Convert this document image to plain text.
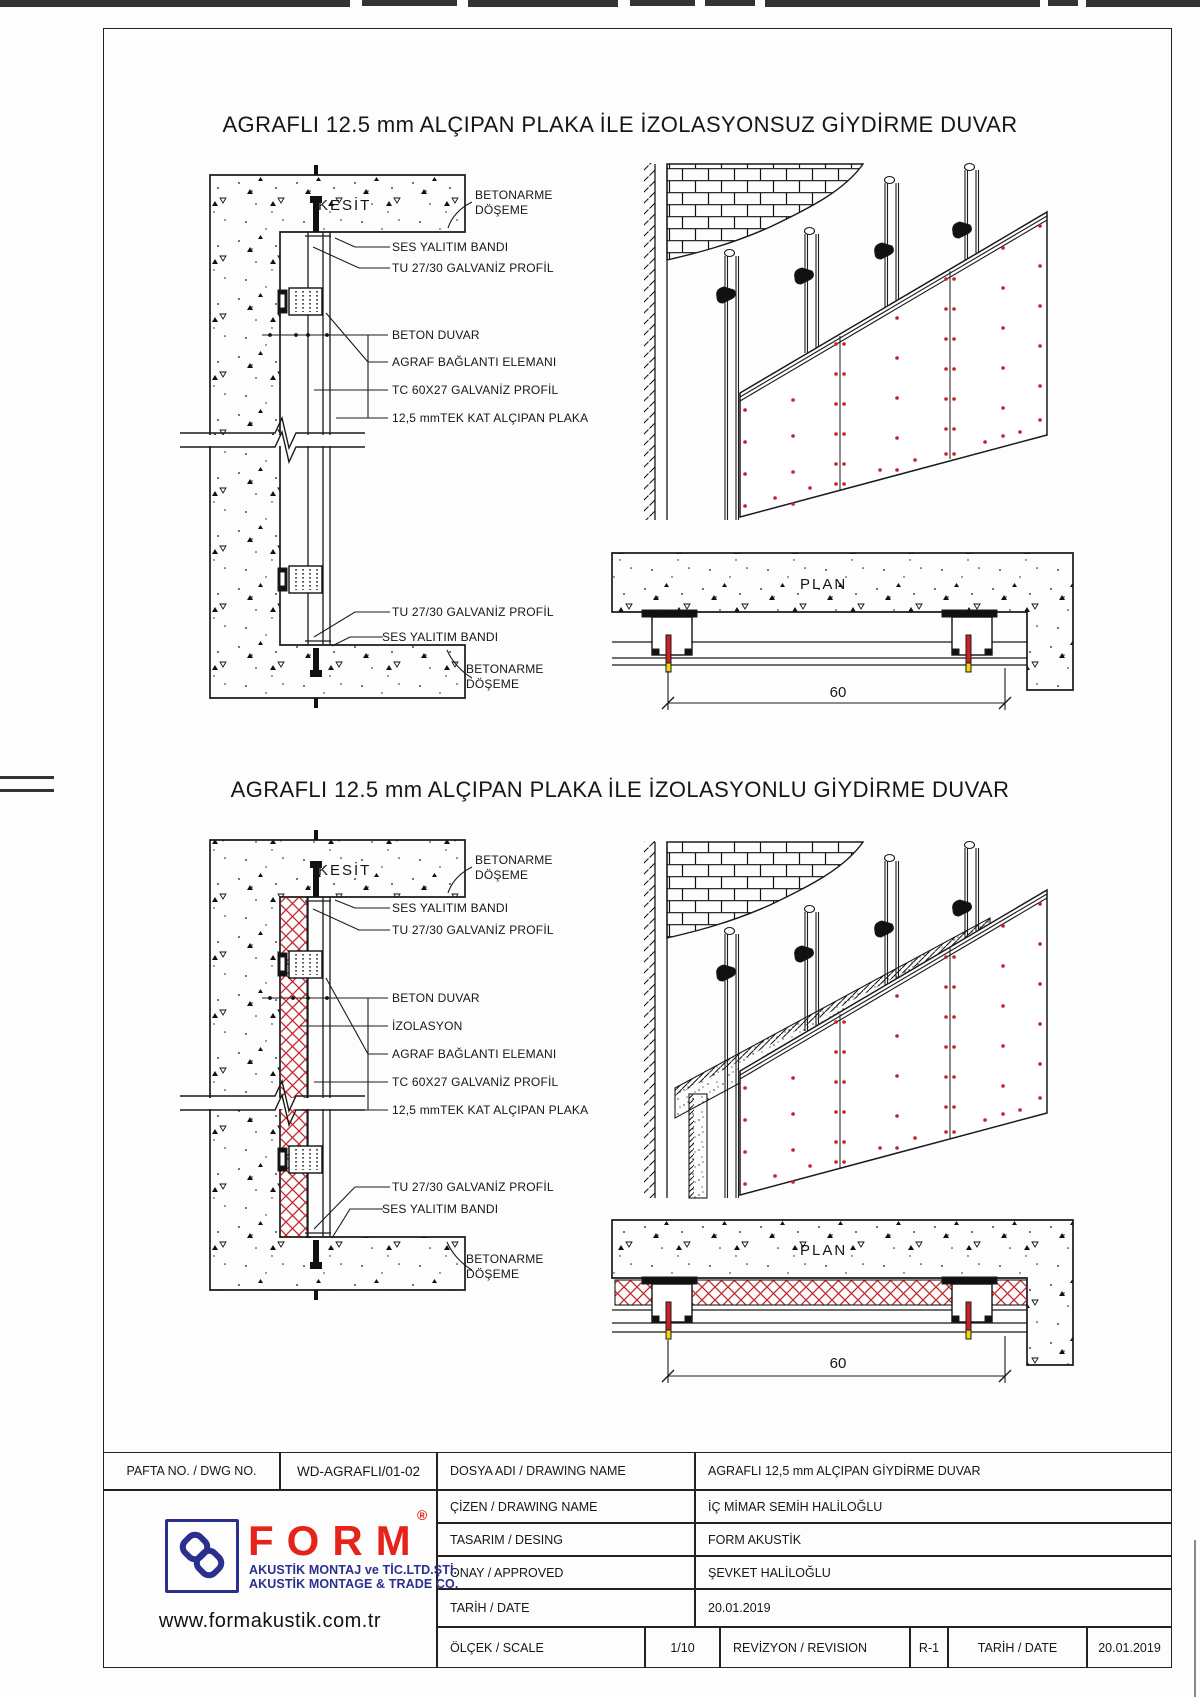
AGRAFLI 12.5 mm ALÇIPAN PLAKA İLE İZOLASYONSUZ GİYDİRME DUVAR
AGRAFLI 12.5 mm ALÇIPAN PLAKA İLE İZOLASYONLU GİYDİRME DUVAR
KESİT
BETONARME DÖŞEME
SES YALITIM BANDI
TU 27/30 GALVANİZ PROFİL
BETON DUVAR
AGRAF BAĞLANTI ELEMANI
TC 60X27 GALVANİZ PROFİL
12,5 mmTEK KAT ALÇIPAN PLAKA
TU 27/30 GALVANİZ PROFİL
SES YALITIM BANDI
BETONARME DÖŞEME
PLAN
60
KESİT
BETONARME DÖŞEME
SES YALITIM BANDI
TU 27/30 GALVANİZ PROFİL
BETON DUVAR
İZOLASYON
AGRAF BAĞLANTI ELEMANI
TC 60X27 GALVANİZ PROFİL
12,5 mmTEK KAT ALÇIPAN PLAKA
TU 27/30 GALVANİZ PROFİL
SES YALITIM BANDI
BETONARME DÖŞEME
PLAN
60
PAFTA NO. / DWG NO.	WD-AGRAFLI/01-02 DOSYA ADI / DRAWING NAME	AGRAFLI 12,5 mm ALÇIPAN GİYDİRME DUVAR
ÇİZEN / DRAWING NAME	İÇ MİMAR SEMİH HALİLOĞLU
TASARIM / DESING	FORM AKUSTİK
ONAY / APPROVED	ŞEVKET HALİLOĞLU
TARİH / DATE	20.01.2019
ÖLÇEK / SCALE	1/10	REVİZYON / REVISION	R-1	TARİH / DATE	20.01.2019
FORM
®
AKUSTİK MONTAJ ve TİC.LTD.ŞTİ.
AKUSTİK MONTAGE & TRADE CO.
www.formakustik.com.tr
